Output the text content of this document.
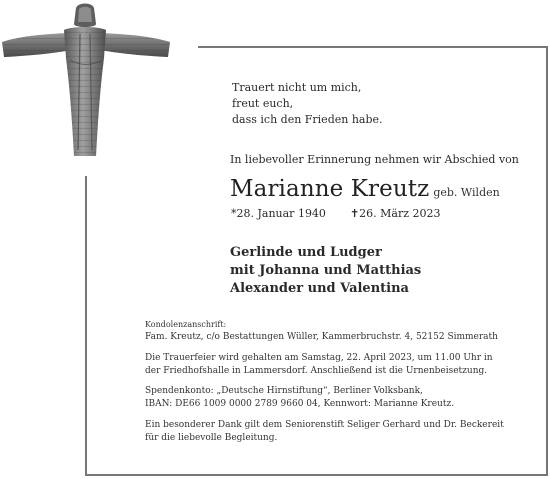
Trauert nicht um mich,
freut euch,
dass ich den Frieden habe.

In liebevoller Erinnerung nehmen wir Abschied von

Marianne Kreutz geb. Wilden

*28. Januar 1940 ✝26. März 2023

Gerlinde und Ludger
mit Johanna und Matthias
Alexander und Valentina
Kondolenzanschrift:
Fam. Kreutz, c/o Bestattungen Wüller, Kammerbruchstr. 4, 52152 Simmerath
Die Trauerfeier wird gehalten am Samstag, 22. April 2023, um 11.00 Uhr in
der Friedhofshalle in Lammersdorf. Anschließend ist die Urnenbeisetzung.
Spendenkonto: „Deutsche Hirnstiftung“, Berliner Volksbank,
IBAN: DE66 1009 0000 2789 9660 04, Kennwort: Marianne Kreutz.
Ein besonderer Dank gilt dem Seniorenstift Seliger Gerhard und Dr. Beckereit
für die liebevolle Begleitung.
